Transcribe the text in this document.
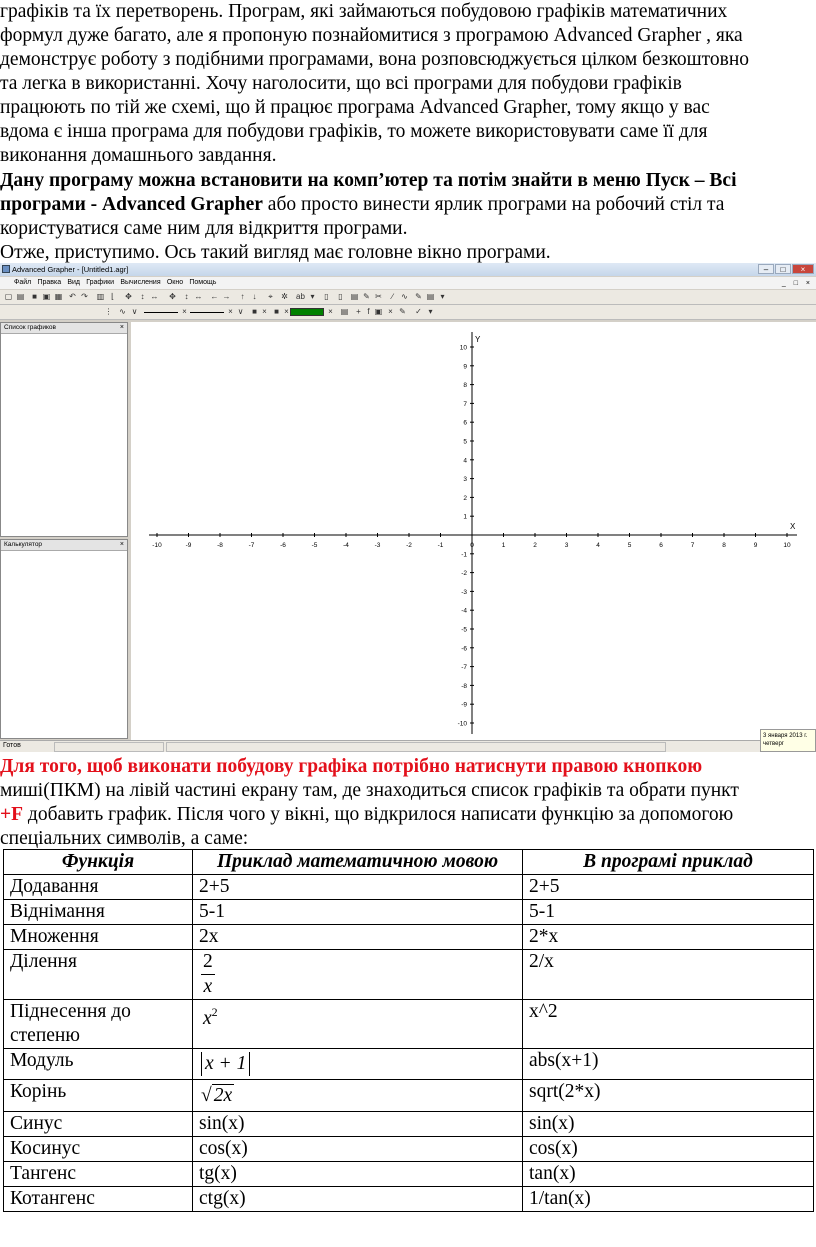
графіків та їх перетворень. Програм, які займаються побудовою графіків математичних

формул дуже багато, але я пропоную познайомитися з програмою Advanced Grapher , яка

демонструє роботу з подібними програмами, вона розповсюджується цілком безкоштовно

та легка в використанні. Хочу наголосити, що всі програми для побудови графіків

працюють по тій же схемі, що й працює програма Advanced Grapher, тому якщо у вас

вдома є інша програма для побудови графіків, то можете використовувати саме її для

виконання домашнього завдання.

Дану програму можна встановити на комп’ютер та потім знайти в меню Пуск – Всі

програми - Advanced Grapher або просто винести ярлик програми на робочий стіл та

користуватися саме ним для відкриття програми.

Отже, приступимо. Ось такий вигляд має головне вікно програми.

Advanced Grapher - [Untitled1.agr]	–	□	×
Файл Правка Вид Графики Вычисления Окно Помощь	_ □ ×
▢ ▤ ■ ▣ ▦ ↶ ↷ ▥ ⌊	✥	↕ ↔ ✥	↕ ↔ ← →	↑	↓	⌖ ✲ ab ▾	▯ ▯ ▤ ✎ ✂	∕ ∿ ✎ ▤ ▾
⋮ ∿ ∨	×	× ∨ ■ × ■ ×	× ▤ + f ▣ × ✎ ✓ ▾
Список графиков	×
Калькулятор	×
X
Y
-10	-9	-8	-7	-6	-5	-4	-3	-2	-1	0	1	2	3	4	5	6	7	8	9	10
10
9
8
7
6
5
4
3
2
1
-1
-2
-3
-4
-5
-6
-7
-8
-9
-10
Готов
3 января 2013 г.
четверг

Для того, щоб виконати побудову графіка потрібно натиснути правою кнопкою

миші(ПКМ) на лівій частині екрану там, де знаходиться список графіків та обрати пункт

+F добавить график. Після чого у вікні, що відкрилося написати функцію за допомогою

спеціальних символів, а саме:

Функція	Приклад математичною мовою	В програмі приклад
Додавання	2+5	2+5
Віднімання	5-1	5-1
Множення	2x	2*x
Ділення	$\frac{2}{x}$	2/x
Піднесення до степеню	$x^2$	x^2
Модуль	x + 1	abs(x+1)
Корінь	√ 2x	sqrt(2*x)
Синус	sin(x)	sin(x)
Косинус	cos(x)	cos(x)
Тангенс	tg(x)	tan(x)
Котангенс	ctg(x)	1/tan(x)
